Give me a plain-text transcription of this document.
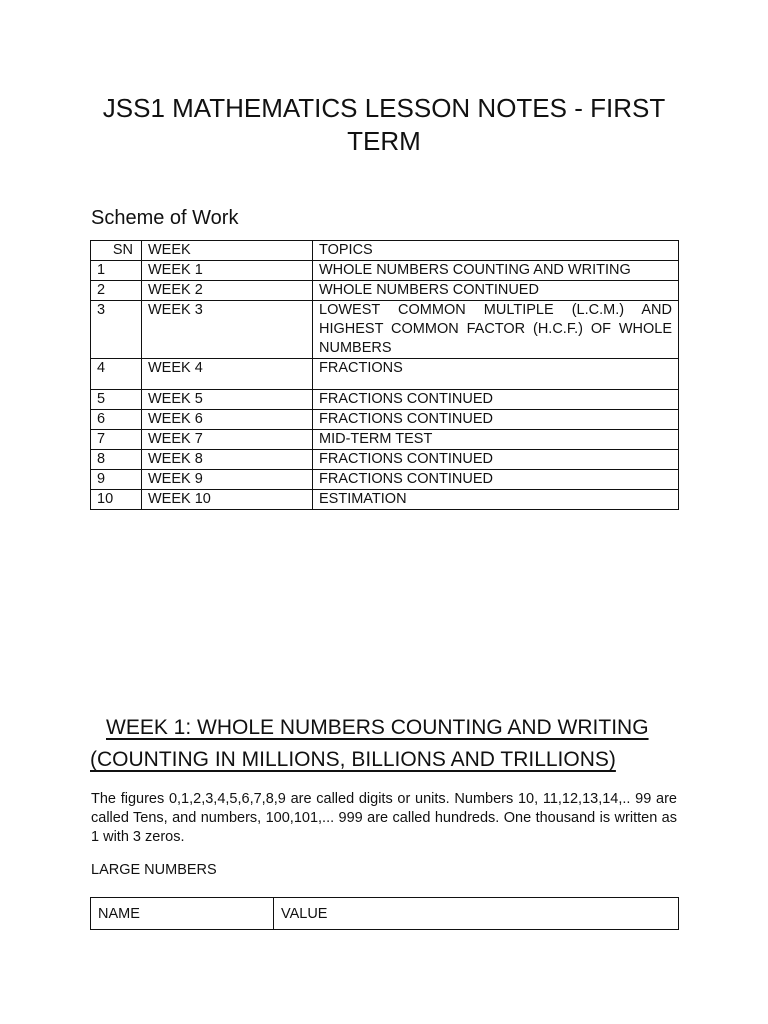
JSS1 MATHEMATICS LESSON NOTES - FIRST TERM
Scheme of Work
SN	WEEK	TOPICS
1	WEEK 1	WHOLE NUMBERS COUNTING AND WRITING
2	WEEK 2	WHOLE NUMBERS CONTINUED
3	WEEK 3	LOWEST COMMON MULTIPLE (L.C.M.) AND HIGHEST COMMON FACTOR (H.C.F.) OF WHOLE NUMBERS
4	WEEK 4	FRACTIONS
5	WEEK 5	FRACTIONS CONTINUED
6	WEEK 6	FRACTIONS CONTINUED
7	WEEK 7	MID-TERM TEST
8	WEEK 8	FRACTIONS CONTINUED
9	WEEK 9	FRACTIONS CONTINUED
10	WEEK 10	ESTIMATION
WEEK 1: WHOLE NUMBERS COUNTING AND WRITING
(COUNTING IN MILLIONS, BILLIONS AND TRILLIONS)

The figures 0,1,2,3,4,5,6,7,8,9 are called digits or units. Numbers 10, 11,12,13,14,.. 99 are called Tens, and numbers, 100,101,... 999 are called hundreds. One thousand is written as 1 with 3 zeros.

LARGE NUMBERS

NAME	VALUE
